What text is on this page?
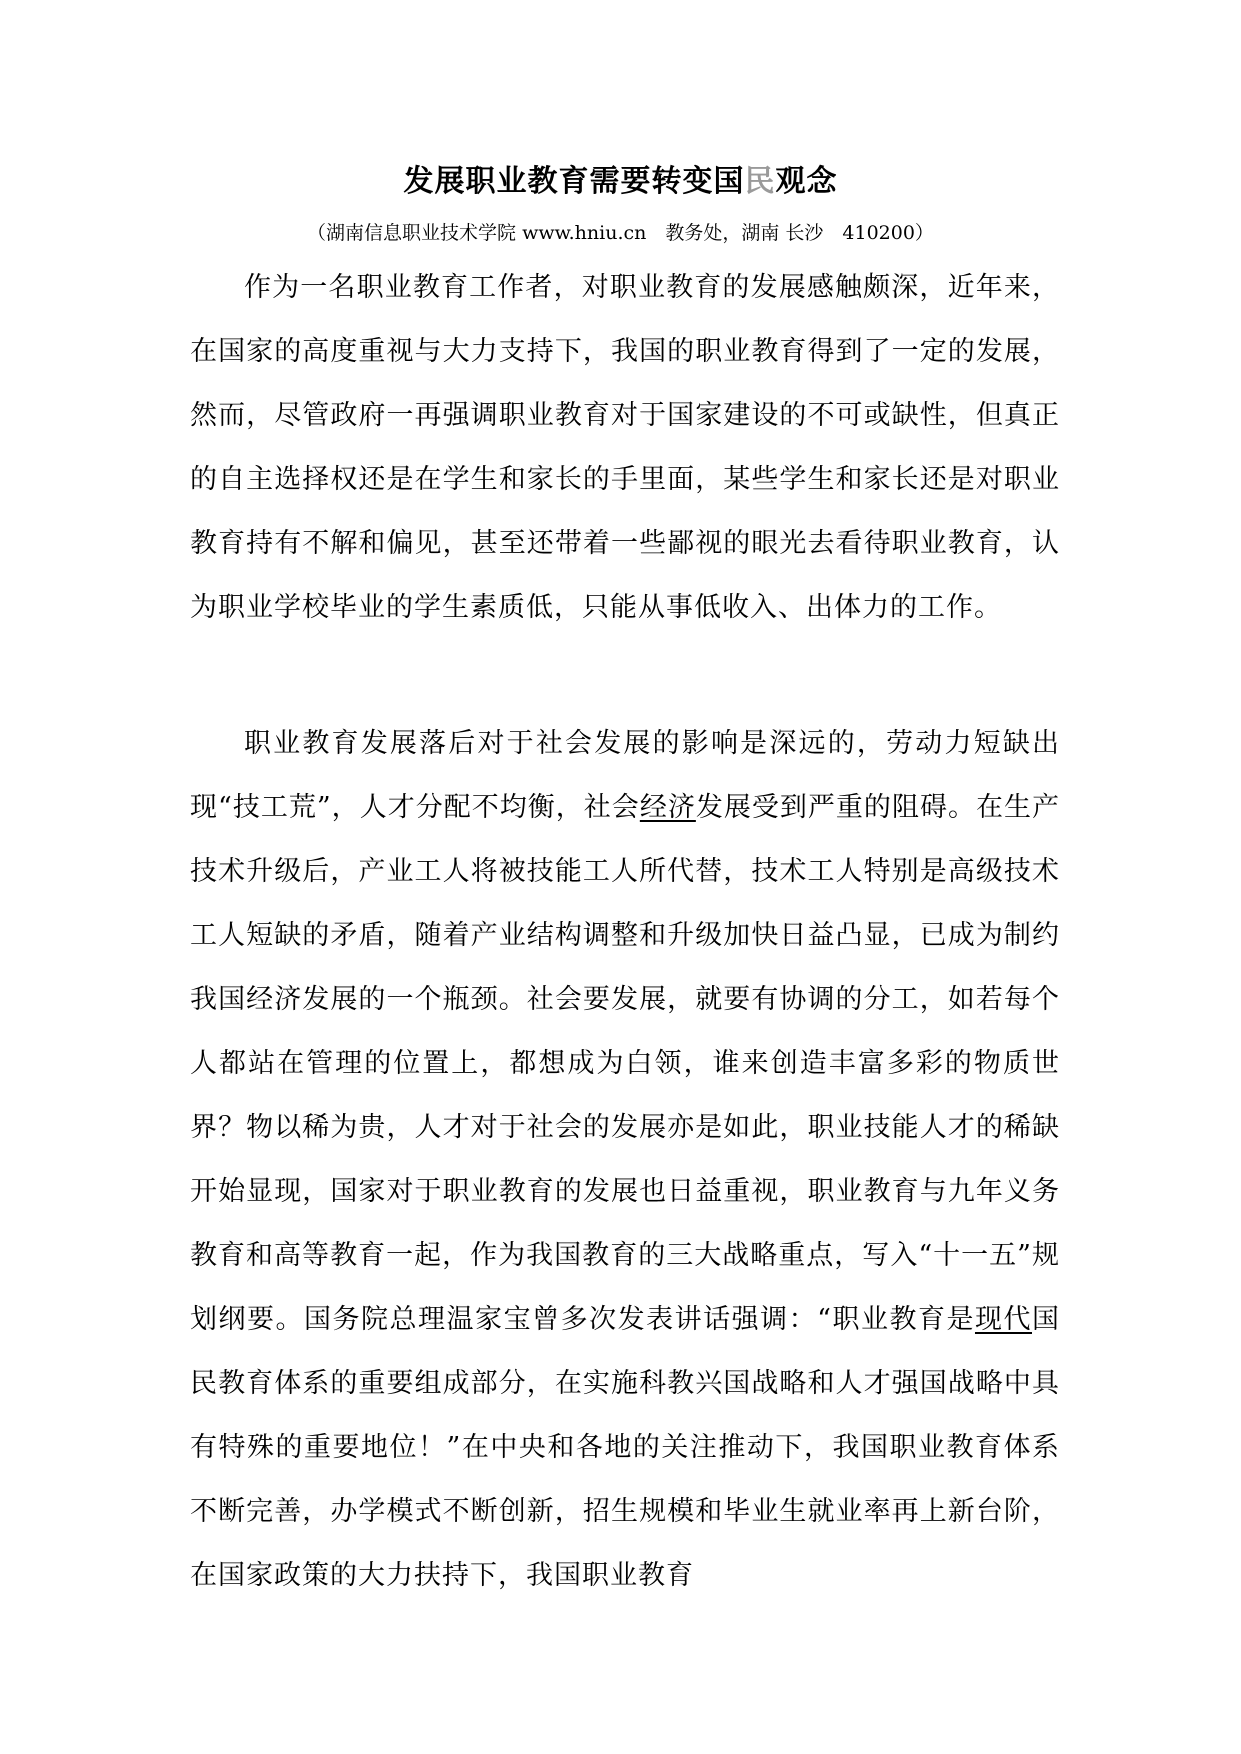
发展职业教育需要转变国民观念
（湖南信息职业技术学院 www.hniu.cn　教务处，湖南 长沙　410200）

作为一名职业教育工作者，对职业教育的发展感触颇深，近年来，在国家的高度重视与大力支持下，我国的职业教育得到了一定的发展，然而，尽管政府一再强调职业教育对于国家建设的不可或缺性，但真正的自主选择权还是在学生和家长的手里面，某些学生和家长还是对职业教育持有不解和偏见，甚至还带着一些鄙视的眼光去看待职业教育，认为职业学校毕业的学生素质低，只能从事低收入、出体力的工作。

职业教育发展落后对于社会发展的影响是深远的，劳动力短缺出现“技工荒”，人才分配不均衡，社会经济发展受到严重的阻碍。在生产技术升级后，产业工人将被技能工人所代替，技术工人特别是高级技术工人短缺的矛盾，随着产业结构调整和升级加快日益凸显，已成为制约我国经济发展的一个瓶颈。社会要发展，就要有协调的分工，如若每个人都站在管理的位置上，都想成为白领，谁来创造丰富多彩的物质世界？物以稀为贵，人才对于社会的发展亦是如此，职业技能人才的稀缺开始显现，国家对于职业教育的发展也日益重视，职业教育与九年义务教育和高等教育一起，作为我国教育的三大战略重点，写入“十一五”规划纲要。国务院总理温家宝曾多次发表讲话强调：“职业教育是现代国民教育体系的重要组成部分，在实施科教兴国战略和人才强国战略中具有特殊的重要地位！”在中央和各地的关注推动下，我国职业教育体系不断完善，办学模式不断创新，招生规模和毕业生就业率再上新台阶，在国家政策的大力扶持下，我国职业教育
